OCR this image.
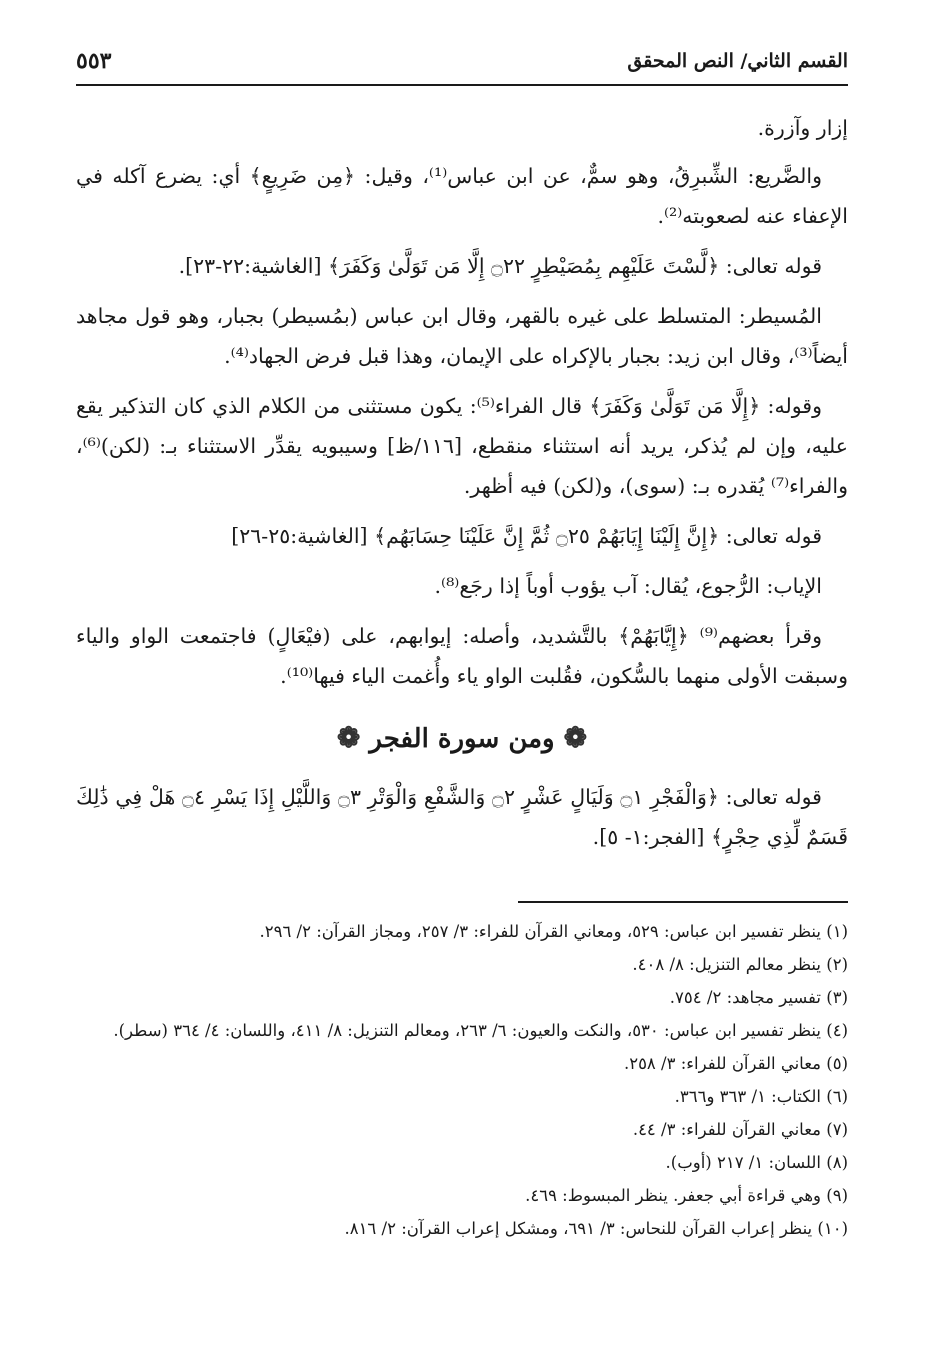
القسم الثاني/ النص المحقق
٥٥٣

إزار وآزرة.

والضَّريع: الشِّبرِقُ، وهو سمٌّ، عن ابن عباس⁽¹⁾، وقيل: ﴿مِن ضَرِيعٍ﴾ أي: يضرع آكله في الإعفاء عنه لصعوبته⁽²⁾.

قوله تعالى: ﴿لَّسْتَ عَلَيْهِم بِمُصَيْطِرٍ ۝٢٢ إِلَّا مَن تَوَلَّىٰ وَكَفَرَ﴾ [الغاشية:٢٢-٢٣].

المُسيطر: المتسلط على غيره بالقهر، وقال ابن عباس (بمُسيطر) بجبار، وهو قول مجاهد أيضاً⁽³⁾، وقال ابن زيد: بجبار بالإكراه على الإيمان، وهذا قبل فرض الجهاد⁽⁴⁾.

وقوله: ﴿إِلَّا مَن تَوَلَّىٰ وَكَفَرَ﴾ قال الفراء⁽⁵⁾: يكون مستثنى من الكلام الذي كان التذكير يقع عليه، وإن لم يُذكر، يريد أنه استثناء منقطع، [١١٦/ظ] وسيبويه يقدِّر الاستثناء بـ: (لكن)⁽⁶⁾، والفراء⁽⁷⁾ يُقدره بـ: (سوى)، و(لكن) فيه أظهر.

قوله تعالى: ﴿إِنَّ إِلَيْنَا إِيَابَهُمْ ۝٢٥ ثُمَّ إِنَّ عَلَيْنَا حِسَابَهُم﴾ [الغاشية:٢٥-٢٦]

الإياب: الرُّجوع، يُقال: آب يؤوب أوباً إذا رجَع⁽⁸⁾.

وقرأ بعضهم⁽⁹⁾ ﴿إِيَّابَهُمْ﴾ بالتَّشديد، وأصله: إيوابهم، على (فيْعَالٍ) فاجتمعت الواو والياء وسبقت الأولى منهما بالسُّكون، فقُلبت الواو ياء وأُغمت الياء فيها⁽¹⁰⁾.

❁ ومن سورة الفجر ❁

قوله تعالى: ﴿وَالْفَجْرِ ۝١ وَلَيَالٍ عَشْرٍ ۝٢ وَالشَّفْعِ وَالْوَتْرِ ۝٣ وَاللَّيْلِ إِذَا يَسْرِ ۝٤ هَلْ فِي ذَٰلِكَ قَسَمٌ لِّذِي حِجْرٍ﴾ [الفجر:١- ٥].

(١) ينظر تفسير ابن عباس: ٥٢٩، ومعاني القرآن للفراء: ٣/ ٢٥٧، ومجاز القرآن: ٢/ ٢٩٦.

(٢) ينظر معالم التنزيل: ٨/ ٤٠٨.

(٣) تفسير مجاهد: ٢/ ٧٥٤.

(٤) ينظر تفسير ابن عباس: ٥٣٠، والنكت والعيون: ٦/ ٢٦٣، ومعالم التنزيل: ٨/ ٤١١، واللسان: ٤/ ٣٦٤ (سطر).

(٥) معاني القرآن للفراء: ٣/ ٢٥٨.

(٦) الكتاب: ١/ ٣٦٣ و٣٦٦.

(٧) معاني القرآن للفراء: ٣/ ٤٤.

(٨) اللسان: ١/ ٢١٧ (أوب).

(٩) وهي قراءة أبي جعفر. ينظر المبسوط: ٤٦٩.

(١٠) ينظر إعراب القرآن للنحاس: ٣/ ٦٩١، ومشكل إعراب القرآن: ٢/ ٨١٦.
